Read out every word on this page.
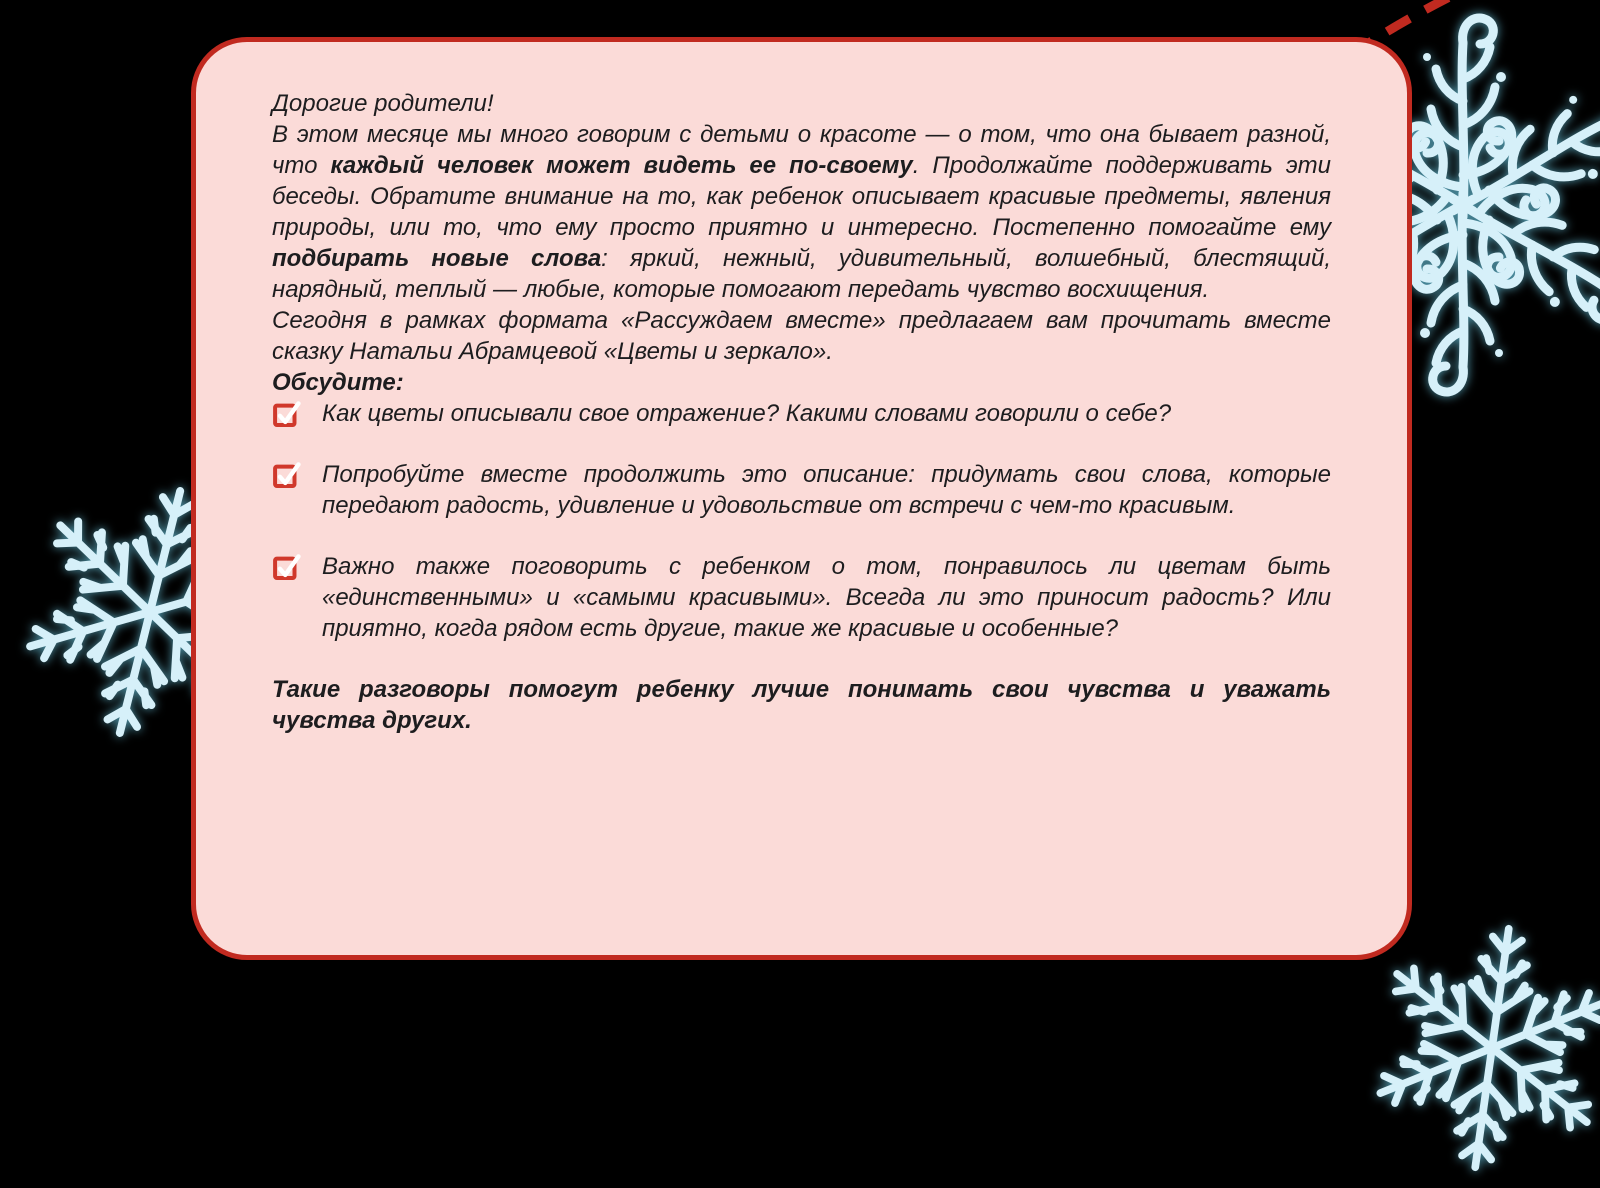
Дорогие родители!

В этом месяце мы много говорим с детьми о красоте — о том, что она бывает разной, что каждый человек может видеть ее по-своему. Продолжайте поддерживать эти беседы. Обратите внимание на то, как ребенок описывает красивые предметы, явления природы, или то, что ему просто приятно и интересно. Постепенно помогайте ему подбирать новые слова: яркий, нежный, удивительный, волшебный, блестящий, нарядный, теплый — любые, которые помогают передать чувство восхищения.

Сегодня в рамках формата «Рассуждаем вместе» предлагаем вам прочитать вместе сказку Натальи Абрамцевой «Цветы и зеркало».

Обсудите:

Как цветы описывали свое отражение? Какими словами говорили о себе?
Попробуйте вместе продолжить это описание: придумать свои слова, которые передают радость, удивление и удовольствие от встречи с чем-то красивым.
Важно также поговорить с ребенком о том, понравилось ли цветам быть «единственными» и «самыми красивыми». Всегда ли это приносит радость? Или приятно, когда рядом есть другие, такие же красивые и особенные?

Такие разговоры помогут ребенку лучше понимать свои чувства и уважать чувства других.
